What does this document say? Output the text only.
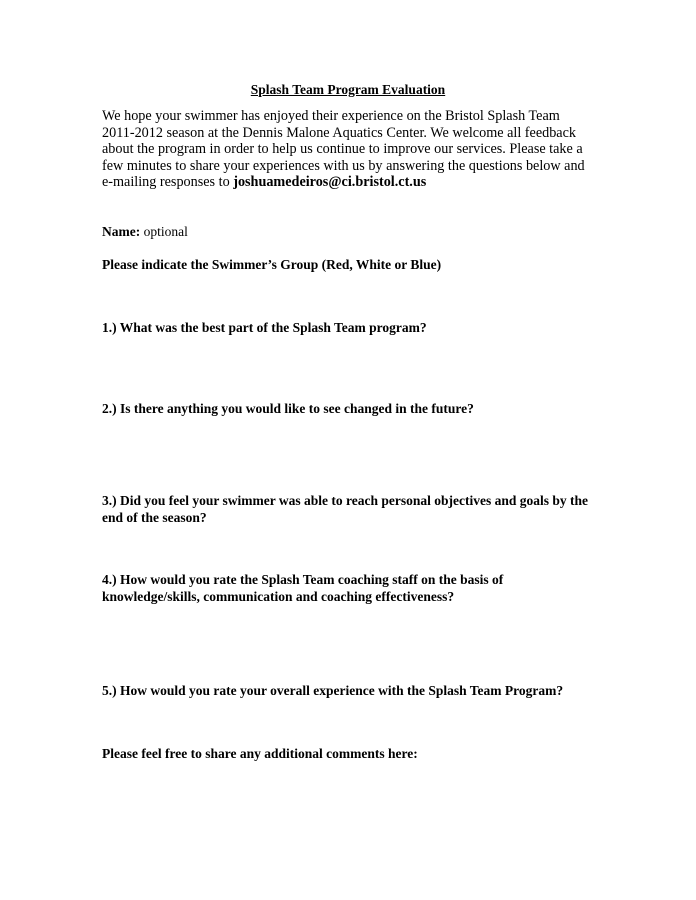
Splash Team Program Evaluation
We hope your swimmer has enjoyed their experience on the Bristol Splash Team 2011-2012 season at the Dennis Malone Aquatics Center. We welcome all feedback about the program in order to help us continue to improve our services. Please take a few minutes to share your experiences with us by answering the questions below and e-mailing responses to joshuamedeiros@ci.bristol.ct.us
Name: optional
Please indicate the Swimmer’s Group (Red, White or Blue)
1.) What was the best part of the Splash Team program?
2.) Is there anything you would like to see changed in the future?
3.) Did you feel your swimmer was able to reach personal objectives and goals by the end of the season?
4.) How would you rate the Splash Team coaching staff on the basis of knowledge/skills, communication and coaching effectiveness?
5.) How would you rate your overall experience with the Splash Team Program?
Please feel free to share any additional comments here:
